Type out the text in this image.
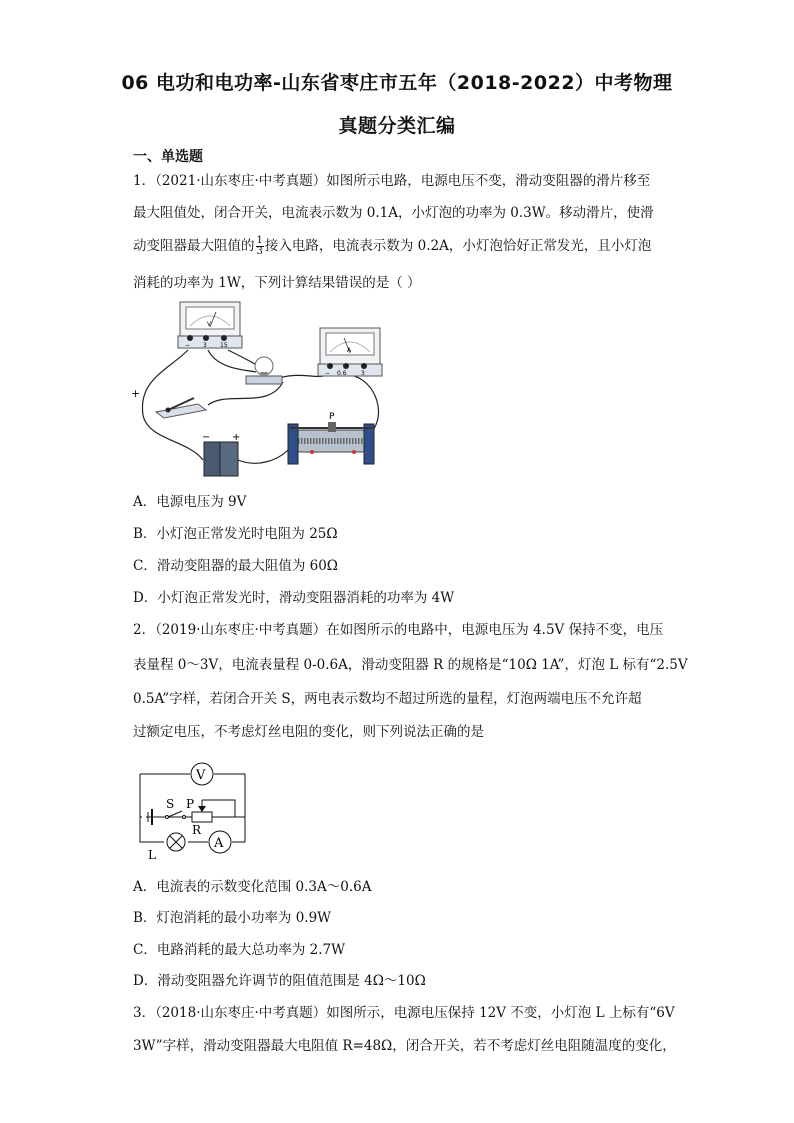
06 电功和电功率-山东省枣庄市五年（2018-2022）中考物理
真题分类汇编
一、单选题
1．（2021·山东枣庄·中考真题）如图所示电路，电源电压不变，滑动变阻器的滑片移至
最大阻值处，闭合开关，电流表示数为 0.1A，小灯泡的功率为 0.3W。移动滑片，使滑
动变阻器最大阻值的 $\frac{1}{3}$ 接入电路，电流表示数为 0.2A，小灯泡恰好正常发光，且小灯泡
消耗的功率为 1W，下列计算结果错误的是（ ）
V
− 3 15
A
− 0.6 3
+
− +
P
A．电源电压为 9V
B．小灯泡正常发光时电阻为 25Ω
C．滑动变阻器的最大阻值为 60Ω
D．小灯泡正常发光时，滑动变阻器消耗的功率为 4W
2．（2019·山东枣庄·中考真题）在如图所示的电路中，电源电压为 4.5V 保持不变，电压
表量程 0～3V，电流表量程 0-0.6A，滑动变阻器 R 的规格是“10Ω 1A”，灯泡 L 标有“2.5V
0.5A”字样，若闭合开关 S，两电表示数均不超过所选的量程，灯泡两端电压不允许超
过额定电压，不考虑灯丝电阻的变化，则下列说法正确的是
V
A
S P
R
L
A．电流表的示数变化范围 0.3A～0.6A
B．灯泡消耗的最小功率为 0.9W
C．电路消耗的最大总功率为 2.7W
D．滑动变阻器允许调节的阻值范围是 4Ω～10Ω
3．（2018·山东枣庄·中考真题）如图所示，电源电压保持 12V 不变，小灯泡 L 上标有“6V
3W”字样，滑动变阻器最大电阻值 R=48Ω，闭合开关，若不考虑灯丝电阻随温度的变化，
